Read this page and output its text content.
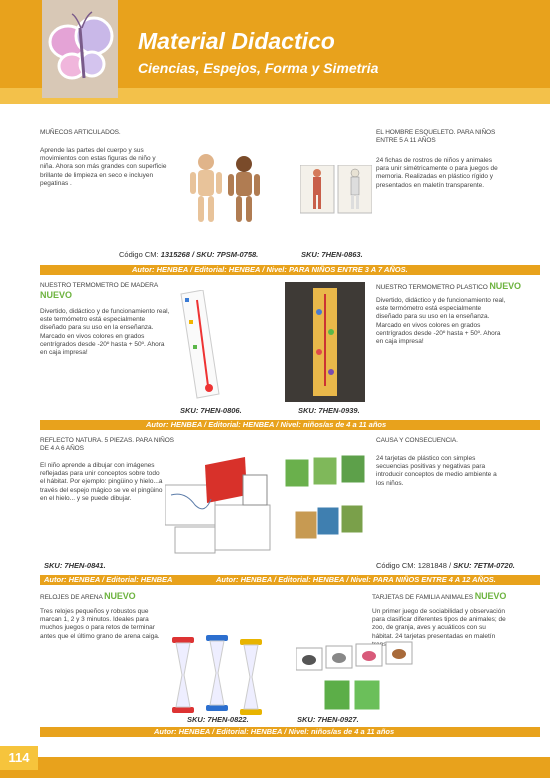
Material Didactico
Ciencias, Espejos, Forma y Simetria
MUÑECOS ARTICULADOS.
Aprende las partes del cuerpo y sus movimientos con estas figuras de niño y niña. Ahora son más grandes con superficie brillante de limpieza en seco e incluyen pegatinas .
Código CM: 1315268 / SKU: 7PSM-0758.
EL HOMBRE ESQUELETO. PARA NIÑOS ENTRE 5 A 11 AÑOS
24 fichas de rostros de niños y animales para unir simétricamente o para juegos de memoria. Realizadas en plástico rígido y presentados en maletín transparente.
SKU: 7HEN-0863.
Autor: HENBEA / Editorial: HENBEA / Nivel: PARA NIÑOS ENTRE 3 A 7 AÑOS.
NUESTRO TERMOMETRO DE MADERA
NUEVO
Divertido, didáctico y de funcionamiento real, este termómetro está especialmente diseñado para su uso en la enseñanza. Marcado en vivos colores en grados centrígrados desde -20º hasta + 50º. Ahora en caja impresa!
SKU: 7HEN-0806.
NUESTRO TERMOMETRO PLASTICO NUEVO
Divertido, didáctico y de funcionamiento real, este termómetro está especialmente diseñado para su uso en la enseñanza. Marcado en vivos colores en grados centrígrados desde -20º hasta + 50º. Ahora en caja impresa!
SKU: 7HEN-0939.
Autor: HENBEA / Editorial: HENBEA / Nivel: niños/as de 4 a 11 años
REFLECTO NATURA. 5 PIEZAS. PARA NIÑOS DE 4 A 6 AÑOS
El niño aprende a dibujar con imágenes reflejadas para unir conceptos sobre todo el hábitat. Por ejemplo: pingüino y hielo...a través del espejo mágico se ve el pingüino en el hielo... y se puede dibujar.
SKU: 7HEN-0841.
CAUSA Y CONSECUENCIA.
24 tarjetas de plástico con simples secuencias positivas y negativas para introducir conceptos de medio ambiente a los niños.
Código CM: 1281848 / SKU: 7ETM-0720.
Autor: HENBEA / Editorial: HENBEA	Autor: HENBEA / Editorial: HENBEA / Nivel: PARA NIÑOS ENTRE 4 A 12 AÑOS.
RELOJES DE ARENA NUEVO
Tres relojes pequeños y robustos que marcan 1, 2 y 3 minutos. Ideales para muchos juegos o para retos de terminar antes que el último grano de arena caiga.
SKU: 7HEN-0822.
TARJETAS DE FAMILIA ANIMALES NUEVO
Un primer juego de sociabilidad y observación para clasificar diferentes tipos de animales; de zoo, de granja, aves y acuáticos con su hábitat. 24 tarjetas presentadas en maletín
SKU: 7HEN-0927.
Autor: HENBEA / Editorial: HENBEA / Nivel: niños/as de 4 a 11 años
114
